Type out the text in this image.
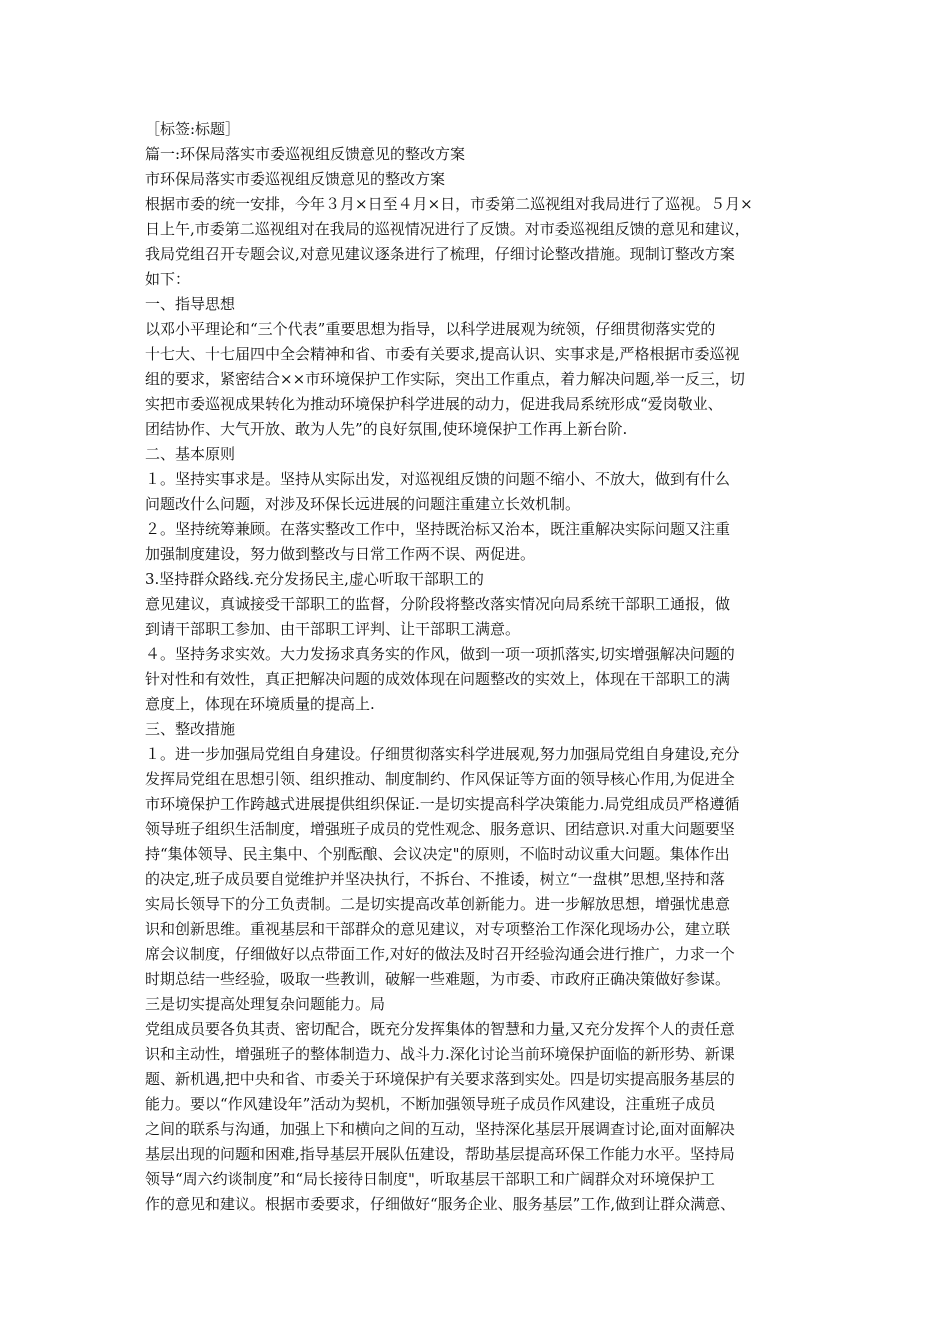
［标签:标题］
篇一:环保局落实市委巡视组反馈意见的整改方案
市环保局落实市委巡视组反馈意见的整改方案
根据市委的统一安排，今年３月×日至４月×日，市委第二巡视组对我局进行了巡视。５月×
日上午,市委第二巡视组对在我局的巡视情况进行了反馈。对市委巡视组反馈的意见和建议，
我局党组召开专题会议,对意见建议逐条进行了梳理，仔细讨论整改措施。现制订整改方案
如下：
一、指导思想
以邓小平理论和“三个代表”重要思想为指导，以科学进展观为统领，仔细贯彻落实党的
十七大、十七届四中全会精神和省、市委有关要求,提高认识、实事求是,严格根据市委巡视
组的要求，紧密结合××市环境保护工作实际，突出工作重点，着力解决问题,举一反三，切
实把市委巡视成果转化为推动环境保护科学进展的动力，促进我局系统形成“爱岗敬业、
团结协作、大气开放、敢为人先”的良好氛围,使环境保护工作再上新台阶.
二、基本原则
１。坚持实事求是。坚持从实际出发，对巡视组反馈的问题不缩小、不放大，做到有什么
问题改什么问题，对涉及环保长远进展的问题注重建立长效机制。
２。坚持统筹兼顾。在落实整改工作中，坚持既治标又治本，既注重解决实际问题又注重
加强制度建设，努力做到整改与日常工作两不误、两促进。
3.坚持群众路线.充分发扬民主,虚心听取干部职工的
意见建议，真诚接受干部职工的监督，分阶段将整改落实情况向局系统干部职工通报，做
到请干部职工参加、由干部职工评判、让干部职工满意。
４。坚持务求实效。大力发扬求真务实的作风，做到一项一项抓落实,切实增强解决问题的
针对性和有效性，真正把解决问题的成效体现在问题整改的实效上，体现在干部职工的满
意度上，体现在环境质量的提高上.
三、整改措施
１。进一步加强局党组自身建设。仔细贯彻落实科学进展观,努力加强局党组自身建设,充分
发挥局党组在思想引领、组织推动、制度制约、作风保证等方面的领导核心作用,为促进全
市环境保护工作跨越式进展提供组织保证.一是切实提高科学决策能力.局党组成员严格遵循
领导班子组织生活制度，增强班子成员的党性观念、服务意识、团结意识.对重大问题要坚
持“集体领导、民主集中、个别酝酿、会议决定"的原则，不临时动议重大问题。集体作出
的决定,班子成员要自觉维护并坚决执行，不拆台、不推诿，树立“一盘棋”思想,坚持和落
实局长领导下的分工负责制。二是切实提高改革创新能力。进一步解放思想，增强忧患意
识和创新思维。重视基层和干部群众的意见建议，对专项整治工作深化现场办公，建立联
席会议制度，仔细做好以点带面工作,对好的做法及时召开经验沟通会进行推广，力求一个
时期总结一些经验，吸取一些教训，破解一些难题，为市委、市政府正确决策做好参谋。
三是切实提高处理复杂问题能力。局
党组成员要各负其责、密切配合，既充分发挥集体的智慧和力量,又充分发挥个人的责任意
识和主动性，增强班子的整体制造力、战斗力.深化讨论当前环境保护面临的新形势、新课
题、新机遇,把中央和省、市委关于环境保护有关要求落到实处。四是切实提高服务基层的
能力。要以“作风建设年”活动为契机，不断加强领导班子成员作风建设，注重班子成员
之间的联系与沟通，加强上下和横向之间的互动，坚持深化基层开展调查讨论,面对面解决
基层出现的问题和困难,指导基层开展队伍建设，帮助基层提高环保工作能力水平。坚持局
领导“周六约谈制度”和“局长接待日制度"，听取基层干部职工和广阔群众对环境保护工
作的意见和建议。根据市委要求，仔细做好“服务企业、服务基层”工作,做到让群众满意、
